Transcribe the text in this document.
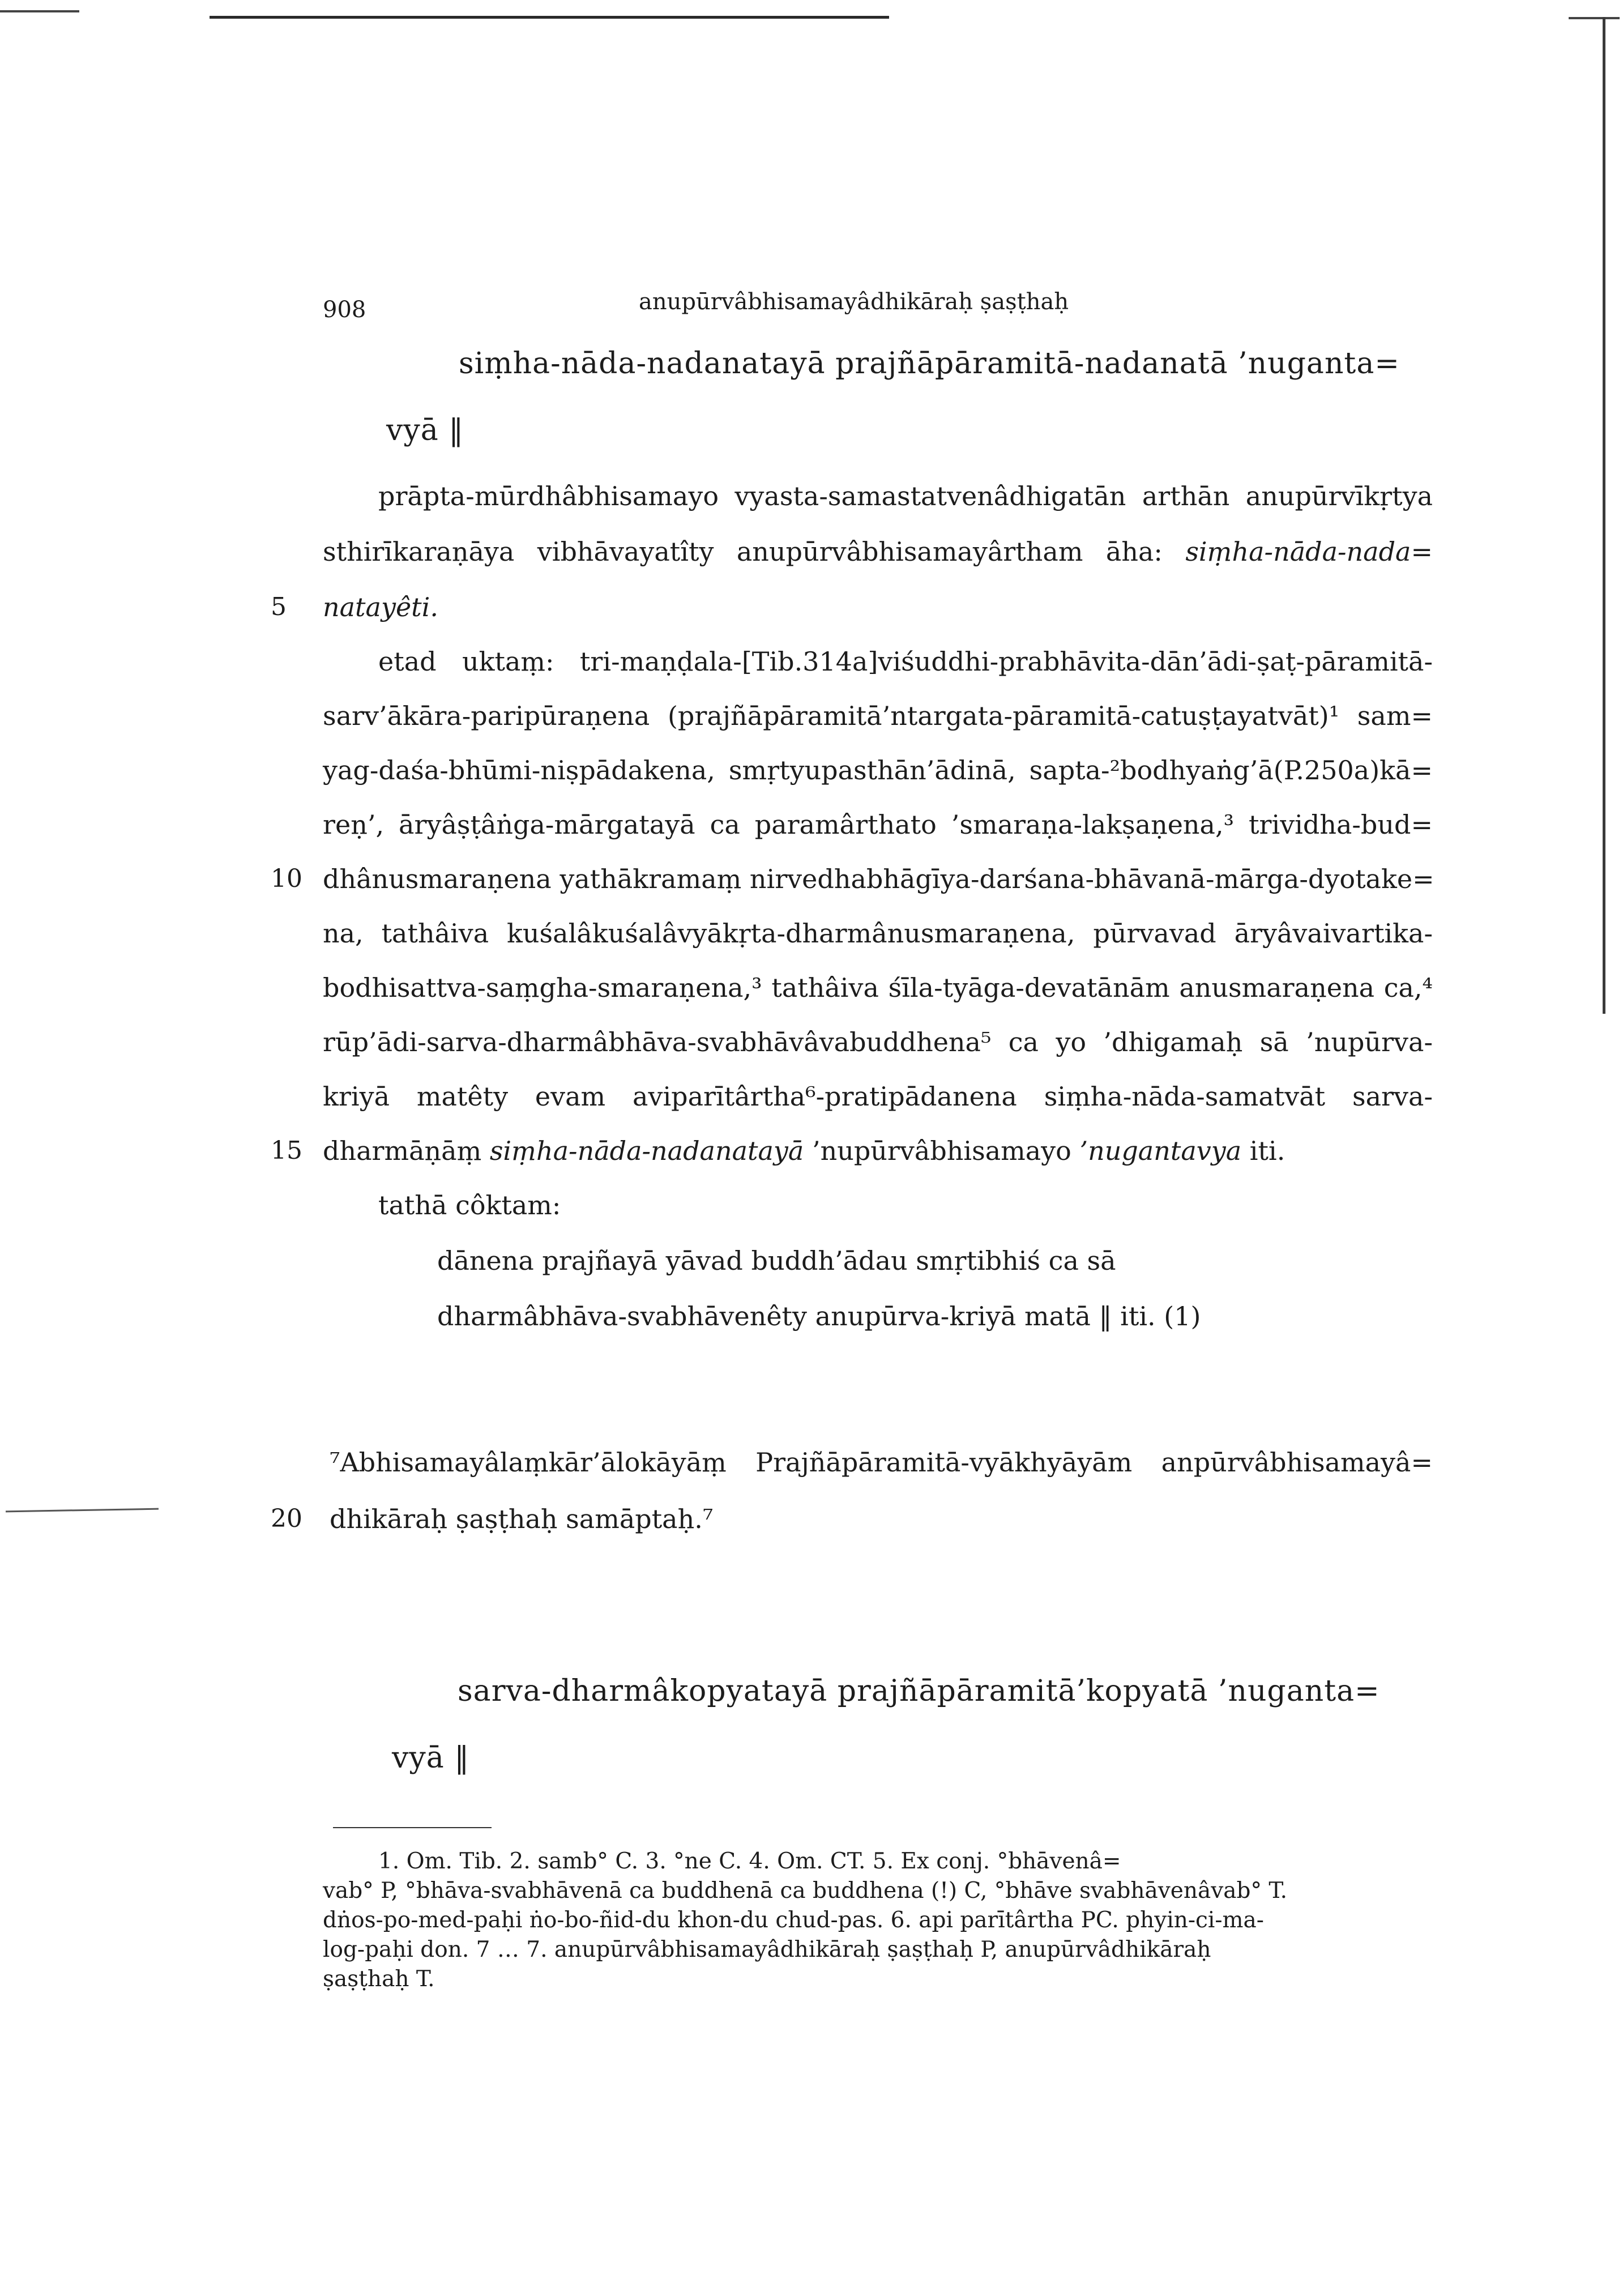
908	anupūrvâbhisamayâdhikāraḥ ṣaṣṭhaḥ
siṃha-nāda-nadanatayā prajñāpāramitā-nadanatā ’nuganta=
vyā ‖
prāpta-mūrdhâbhisamayo vyasta-samastatvenâdhigatān arthān anupūrvīkṛtya
sthirīkaraṇāya vibhāvayatîty anupūrvâbhisamayârtham āha: siṃha-nāda-nada=
5 natayêti.
etad uktaṃ: tri-maṇḍala-[Tib.314a]viśuddhi-prabhāvita-dān’ādi-ṣaṭ-pāramitā-
sarv’ākāra-paripūraṇena (prajñāpāramitā’ntargata-pāramitā-catuṣṭayatvāt)¹ sam=
yag-daśa-bhūmi-niṣpādakena, smṛtyupasthān’ādinā, sapta-²bodhyaṅg’ā(P.250a)kā=
reṇ’, āryâṣṭâṅga-mārgatayā ca paramârthato ’smaraṇa-lakṣaṇena,³ trividha-bud=
10 dhânusmaraṇena yathākramaṃ nirvedhabhāgīya-darśana-bhāvanā-mārga-dyotake=
na, tathâiva kuśalâkuśalâvyākṛta-dharmânusmaraṇena, pūrvavad āryâvaivartika-
bodhisattva-saṃgha-smaraṇena,³ tathâiva śīla-tyāga-devatānām anusmaraṇena ca,⁴
rūp’ādi-sarva-dharmâbhāva-svabhāvâvabuddhena⁵ ca yo ’dhigamaḥ sā ’nupūrva-
kriyā matêty evam aviparītârtha⁶-pratipādanena siṃha-nāda-samatvāt sarva-
15 dharmāṇāṃ siṃha-nāda-nadanatayā ’nupūrvâbhisamayo ’nugantavya iti.
tathā côktam:
dānena prajñayā yāvad buddh’ādau smṛtibhiś ca sā
dharmâbhāva-svabhāvenêty anupūrva-kriyā matā ‖ iti. (1)
⁷Abhisamayâlaṃkār’ālokāyāṃ Prajñāpāramitā-vyākhyāyām anpūrvâbhisamayâ=
20 dhikāraḥ ṣaṣṭhaḥ samāptaḥ.⁷
sarva-dharmâkopyatayā prajñāpāramitā’kopyatā ’nuganta=
vyā ‖
1. Om. Tib. 2. samb° C. 3. °ne C. 4. Om. CT. 5. Ex conj. °bhāvenâ=
vab° P, °bhāva-svabhāvenā ca buddhenā ca buddhena (!) C, °bhāve svabhāvenâvab° T.
dṅos-po-med-paḥi ṅo-bo-ñid-du khon-du chud-pas. 6. api parītârtha PC. phyin-ci-ma-
log-paḥi don. 7 … 7. anupūrvâbhisamayâdhikāraḥ ṣaṣṭhaḥ P, anupūrvâdhikāraḥ
ṣaṣṭhaḥ T.
